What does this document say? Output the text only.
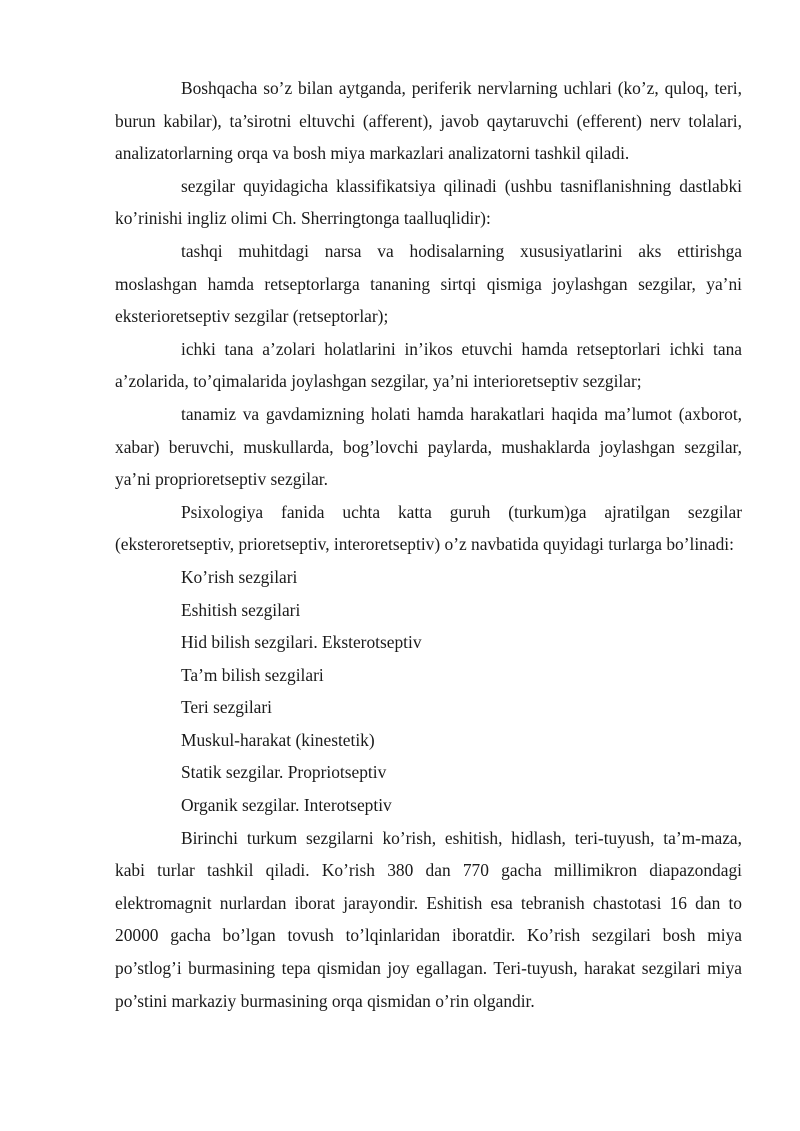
Boshqacha so’z bilan aytganda, periferik nervlarning uchlari (ko’z, quloq, teri, burun kabilar), ta’sirotni eltuvchi (afferent), javob qaytaruvchi (efferent) nerv tolalari, analizatorlarning orqa va bosh miya markazlari analizatorni tashkil qiladi.

sezgilar quyidagicha klassifikatsiya qilinadi (ushbu tasniflanishning dastlabki ko’rinishi ingliz olimi Ch. Sherringtonga taalluqlidir):

tashqi muhitdagi narsa va hodisalarning xususiyatlarini aks ettirishga moslashgan hamda retseptorlarga tananing sirtqi qismiga joylashgan sezgilar, ya’ni eksterioretseptiv sezgilar (retseptorlar);

ichki tana a’zolari holatlarini in’ikos etuvchi hamda retseptorlari ichki tana a’zolarida, to’qimalarida joylashgan sezgilar, ya’ni interioretseptiv sezgilar;

tanamiz va gavdamizning holati hamda harakatlari haqida ma’lumot (axborot, xabar) beruvchi, muskullarda, bog’lovchi paylarda, mushaklarda joylashgan sezgilar, ya’ni proprioretseptiv sezgilar.

Psixologiya fanida uchta katta guruh (turkum)ga ajratilgan sezgilar (eksteroretseptiv, prioretseptiv, interoretseptiv) o’z navbatida quyidagi turlarga bo’linadi:

Ko’rish sezgilari

Eshitish sezgilari

Hid bilish sezgilari. Eksterotseptiv

Ta’m bilish sezgilari

Teri sezgilari

Muskul-harakat (kinestetik)

Statik sezgilar. Propriotseptiv

Organik sezgilar. Interotseptiv

Birinchi turkum sezgilarni ko’rish, eshitish, hidlash, teri-tuyush, ta’m-maza, kabi turlar tashkil qiladi. Ko’rish 380 dan 770 gacha millimikron diapazondagi elektromagnit nurlardan iborat jarayondir. Eshitish esa tebranish chastotasi 16 dan to 20000 gacha bo’lgan tovush to’lqinlaridan iboratdir. Ko’rish sezgilari bosh miya po’stlog’i burmasining tepa qismidan joy egallagan. Teri-tuyush, harakat sezgilari miya po’stini markaziy burmasining orqa qismidan o’rin olgandir.
